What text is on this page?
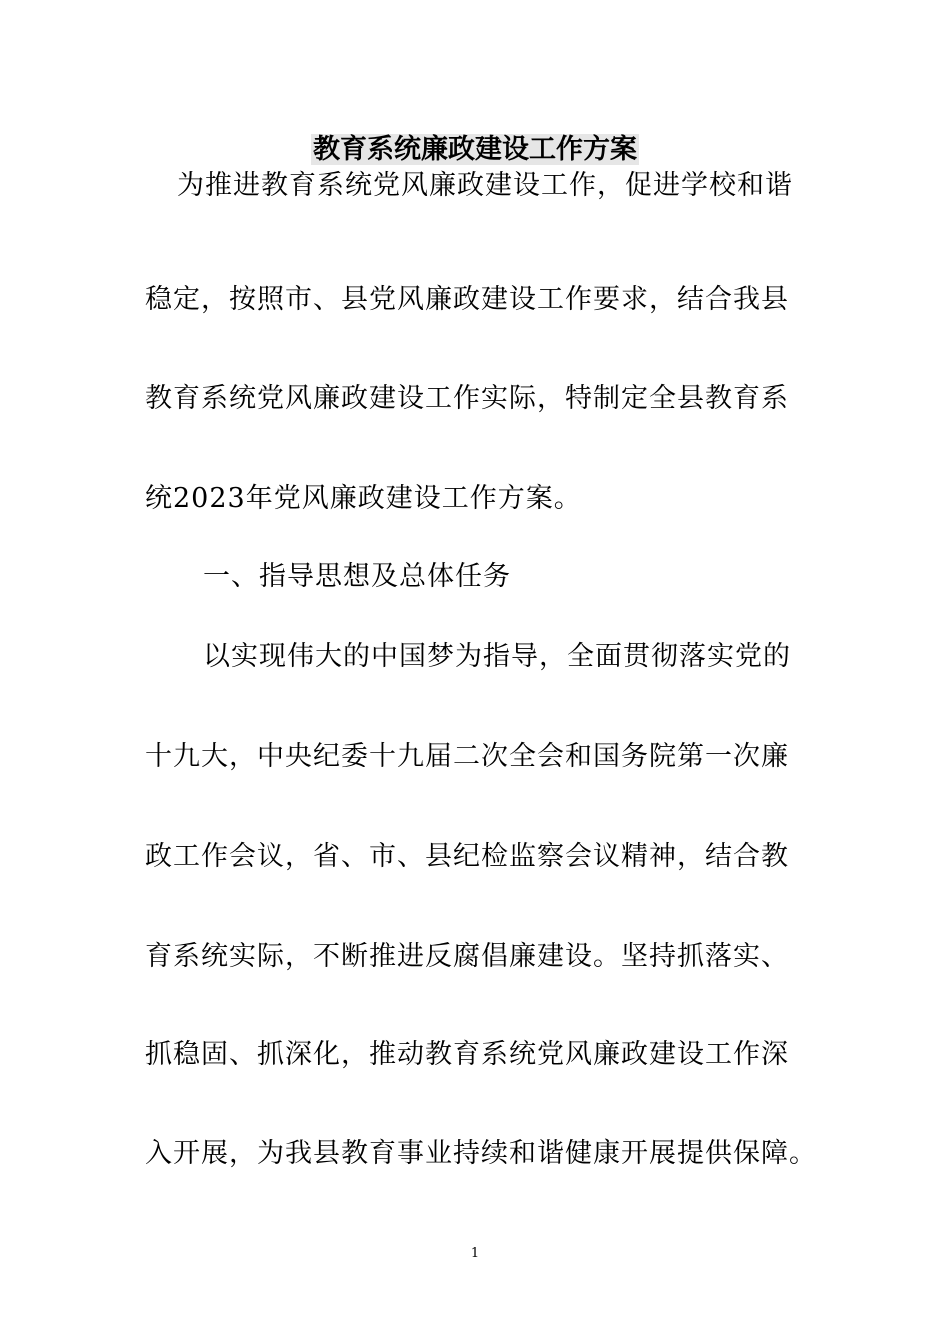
教育系统廉政建设工作方案
为推进教育系统党风廉政建设工作，促进学校和谐
稳定，按照市、县党风廉政建设工作要求，结合我县
教育系统党风廉政建设工作实际，特制定全县教育系
统2023年党风廉政建设工作方案。
一、指导思想及总体任务
以实现伟大的中国梦为指导，全面贯彻落实党的
十九大，中央纪委十九届二次全会和国务院第一次廉
政工作会议，省、市、县纪检监察会议精神，结合教
育系统实际，不断推进反腐倡廉建设。坚持抓落实、
抓稳固、抓深化，推动教育系统党风廉政建设工作深
入开展，为我县教育事业持续和谐健康开展提供保障。
1
